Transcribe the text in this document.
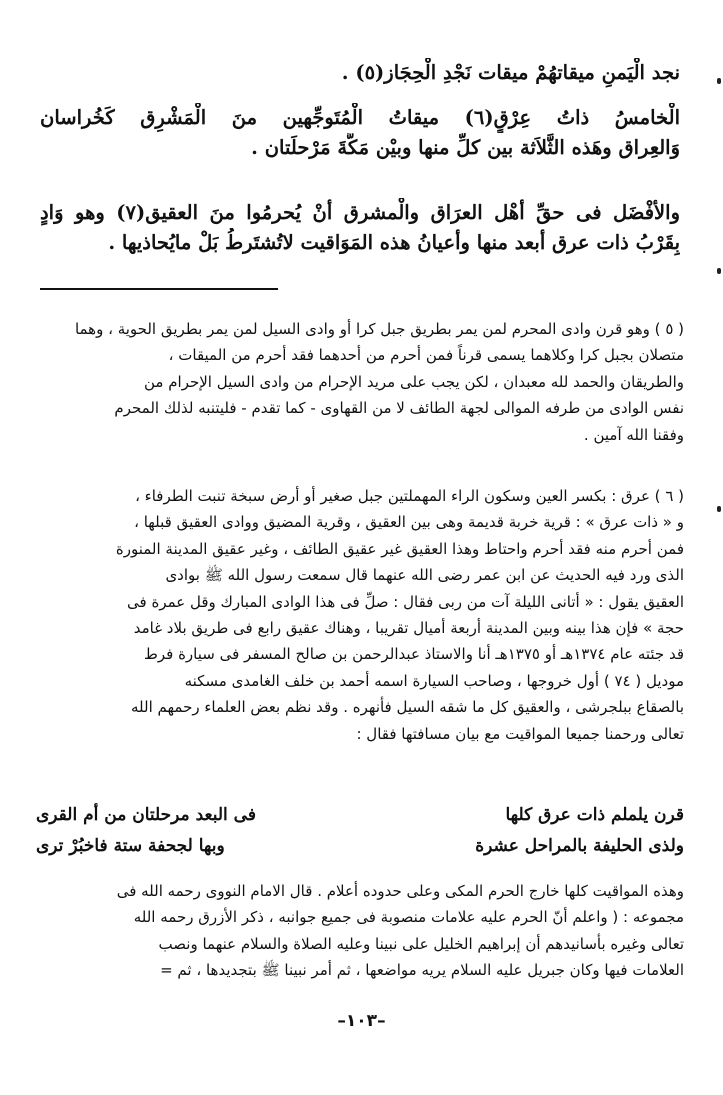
نجد الْيَمنِ ميقاتهُمْ ميقات نَجْدِ الْحِجَاز(٥) .
الْخامسُ ذاتُ عِرْقٍ(٦) ميقاتُ الْمُتَوجِّهين منَ الْمَشْرِق كَخُراسان
وَالعِراق وهَذه الثَّلاَثة بين كلِّ منها وبيْن مَكَّةَ مَرْحلَتان .
والأفْضَل فى حقِّ أهْل العرَاق والْمشرق أنْ يُحرمُوا منَ العقيق(٧) وهو وَادٍ
بِقَرْبُ ذات عرق أبعد منها وأعيانُ هذه المَوَاقيت لاتُشتَرطُ بَلْ مايُحاذيها .
( ٥ ) وهو قرن وادى المحرم لمن يمر بطريق جبل كرا أو وادى السيل لمن يمر بطريق الحوية ، وهما
متصلان بجبل كرا وكلاهما يسمى قرناً فمن أحرم من أحدهما فقد أحرم من الميقات ،
والطريقان والحمد لله معبدان ، لكن يجب على مريد الإحرام من وادى السيل الإحرام من
نفس الوادى من طرفه الموالى لجهة الطائف لا من القهاوى - كما تقدم - فليتنبه لذلك المحرم
وفقنا الله آمين .
( ٦ ) عرق : بكسر العين وسكون الراء المهملتين جبل صغير أو أرض سبخة تنبت الطرفاء ،
و « ذات عرق » : قرية خربة قديمة وهى بين العقيق ، وقرية المضيق ووادى العقيق قبلها ،
فمن أحرم منه فقد أحرم واحتاط وهذا العقيق غير عقيق الطائف ، وغير عقيق المدينة المنورة
الذى ورد فيه الحديث عن ابن عمر رضى الله عنهما قال سمعت رسول الله ﷺ بوادى
العقيق يقول : « أتانى الليلة آت من ربى فقال : صلِّ فى هذا الوادى المبارك وقل عمرة فى
حجة » فإن هذا بينه وبين المدينة أربعة أميال تقريبا ، وهناك عقيق رابع فى طريق بلاد غامد
قد جئته عام ١٣٧٤هـ أو ١٣٧٥هـ أنا والاستاذ عبدالرحمن بن صالح المسفر فى سيارة فرط
موديل ( ٧٤ ) أول خروجها ، وصاحب السيارة اسمه أحمد بن خلف الغامدى مسكنه
بالصقاع ببلجرشى ، والعقيق كل ما شقه السيل فأنهره . وقد نظم بعض العلماء رحمهم الله
تعالى ورحمنا جميعا المواقيت مع بيان مسافتها فقال :
قرن يلملم ذات عرق كلها
فى البعد مرحلتان من أم القرى
ولذى الحليفة بالمراحل عشرة
وبها لجحفة ستة فاخبُرْ ترى
وهذه المواقيت كلها خارج الحرم المكى وعلى حدوده أعلام . قال الامام النووى رحمه الله فى
مجموعه : ( واعلم أنّ الحرم عليه علامات منصوبة فى جميع جوانبه ، ذكر الأزرق رحمه الله
تعالى وغيره بأسانيدهم أن إبراهيم الخليل على نبينا وعليه الصلاة والسلام عنهما ونصب
العلامات فيها وكان جبريل عليه السلام يريه مواضعها ، ثم أمر نبينا ﷺ بتجديدها ، ثم =
–١٠٣–
